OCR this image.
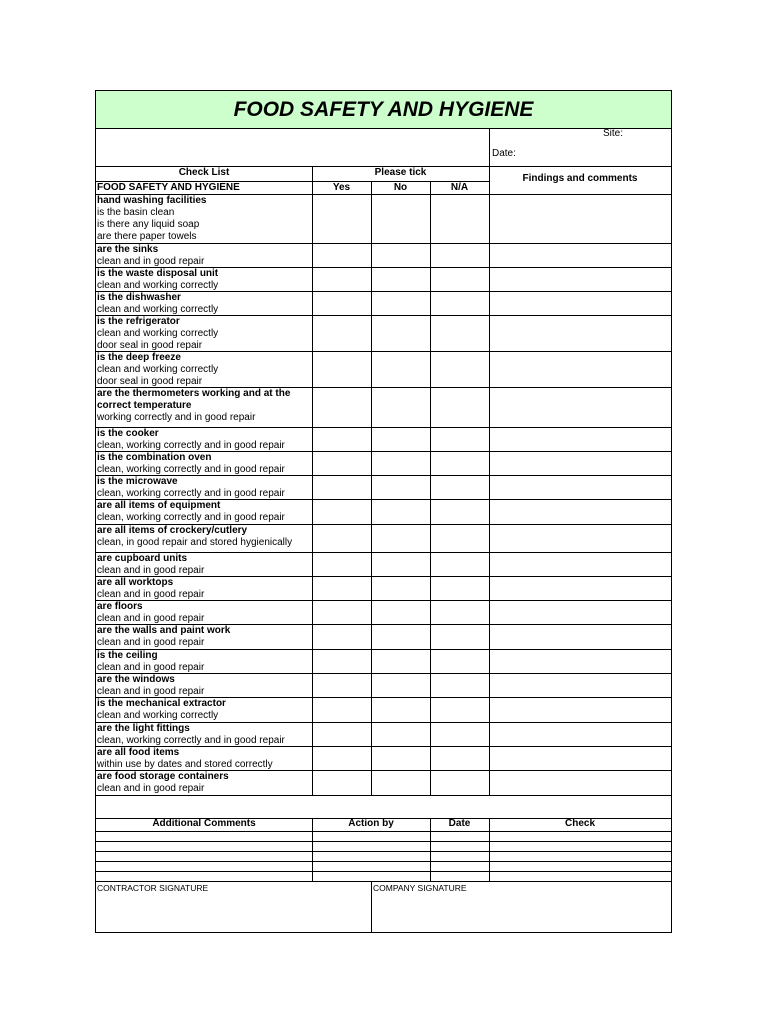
FOOD SAFETY AND HYGIENE
Site:
Date:
Check List	Please tick
Findings and comments
FOOD SAFETY AND HYGIENE	Yes	No	N/A
hand washing facilities
is the basin clean
is there any liquid soap
are there paper towels
are the sinks
clean and in good repair
is the waste disposal unit
clean and working correctly
is the dishwasher
clean and working correctly
is the refrigerator
clean and working correctly
door seal in good repair
is the deep freeze
clean and working correctly
door seal in good repair
are the thermometers working and at the
correct temperature
working correctly and in good repair
is the cooker
clean, working correctly and in good repair
is the combination oven
clean, working correctly and in good repair
is the microwave
clean, working correctly and in good repair
are all items of equipment
clean, working correctly and in good repair
are all items of crockery/cutlery
clean, in good repair and stored hygienically
are cupboard units
clean and in good repair
are all worktops
clean and in good repair
are floors
clean and in good repair
are the walls and paint work
clean and in good repair
is the ceiling
clean and in good repair
are the windows
clean and in good repair
is the mechanical extractor
clean and working correctly
are the light fittings
clean, working correctly and in good repair
are all food items
within use by dates and stored correctly
are food storage containers
clean and in good repair
Additional Comments	Action by	Date	Check
CONTRACTOR SIGNATURE	COMPANY SIGNATURE
